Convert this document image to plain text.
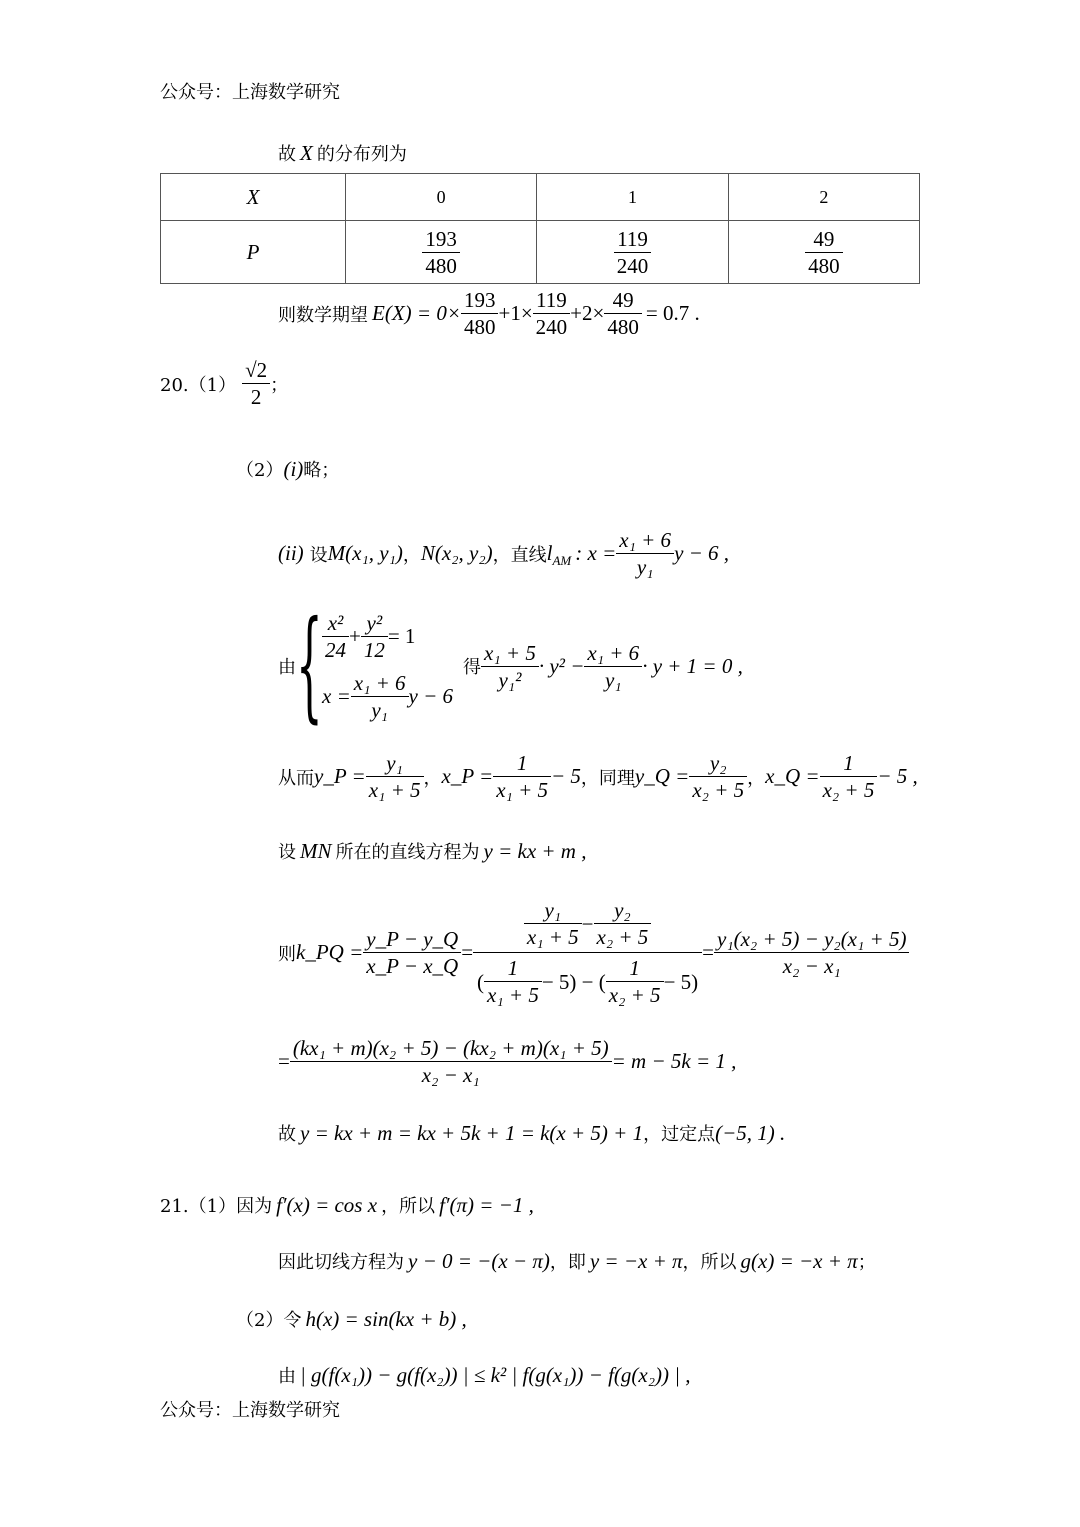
公众号：上海数学研究
故 X 的分布列为
X	0	1	2
P	$\frac{193}{480}$	$\frac{119}{240}$	$\frac{49}{480}$
则数学期望 $E(X) = 0\times \frac{193}{480} +1\times \frac{119}{240} +2\times \frac{49}{480} = 0.7$ .
$20.(1) \frac{√2}{2}$ ；
（2） (i) 略；
(ii) 设 M(x₁, y₁) ， N(x₂, y₂) ，直线 $l_{AM}$ : $x = \frac{\text{x₁ + 6}}{\text{y₁}}$ y − 6 ,
由 { $\frac{\text{x²}}{24} + \frac{\text{y²}}{12} = 1$
$x = \frac{\text{x₁ + 6}}{\text{y₁}}$ y − 6
得 $\frac{\text{x₁ + 5}}{\text{y₁²}} \cdot y^2 - \frac{\text{x₁ + 6}}{\text{y₁}} \cdot y + 1 = 0$ ,
从而 y_P = $\frac{\text{y₁}}{\text{x₁ + 5}}$ ， x_P = $\frac{1}{\text{x₁ + 5}} - 5$ ，同理 y_Q = $\frac{\text{y₂}}{\text{x₂ + 5}}$ ， x_Q = $\frac{1}{\text{x₂ + 5}} - 5$ ,
设 MN 所在的直线方程为 y = kx + m ,
则 k_PQ = $\frac{y\_P - y\_Q}{x\_P - x\_Q} = \frac{\frac{\text{y₁}}{\text{x₁ + 5}} - \frac{\text{y₂}}{\text{x₂ + 5}}}{( \frac{1}{\text{x₁ + 5}} - 5) - ( \frac{1}{\text{x₂ + 5}} - 5)} = \frac{\text{y₁(x₂ + 5) − y₂(x₁ + 5)}}{\text{x₂ − x₁}}$
= $\frac{\text{(kx₁ + m)(x₂ + 5) − (kx₂ + m)(x₁ + 5)}}{\text{x₂ − x₁}} = m - 5k = 1$ ,
故 y = kx + m = kx + 5k + 1 = k(x + 5) + 1 ，过定点 (−5, 1) .
21.（1）因为 f′(x) = cos x ，所以 f′(π) = −1 ,
因此切线方程为 y − 0 = −(x − π) ，即 y = −x + π ，所以 g(x) = −x + π ；
（2）令 h(x) = sin(kx + b) ,
由 | g(f(x₁)) − g(f(x₂)) | ≤ k² | f(g(x₁)) − f(g(x₂)) | ,
公众号：上海数学研究
